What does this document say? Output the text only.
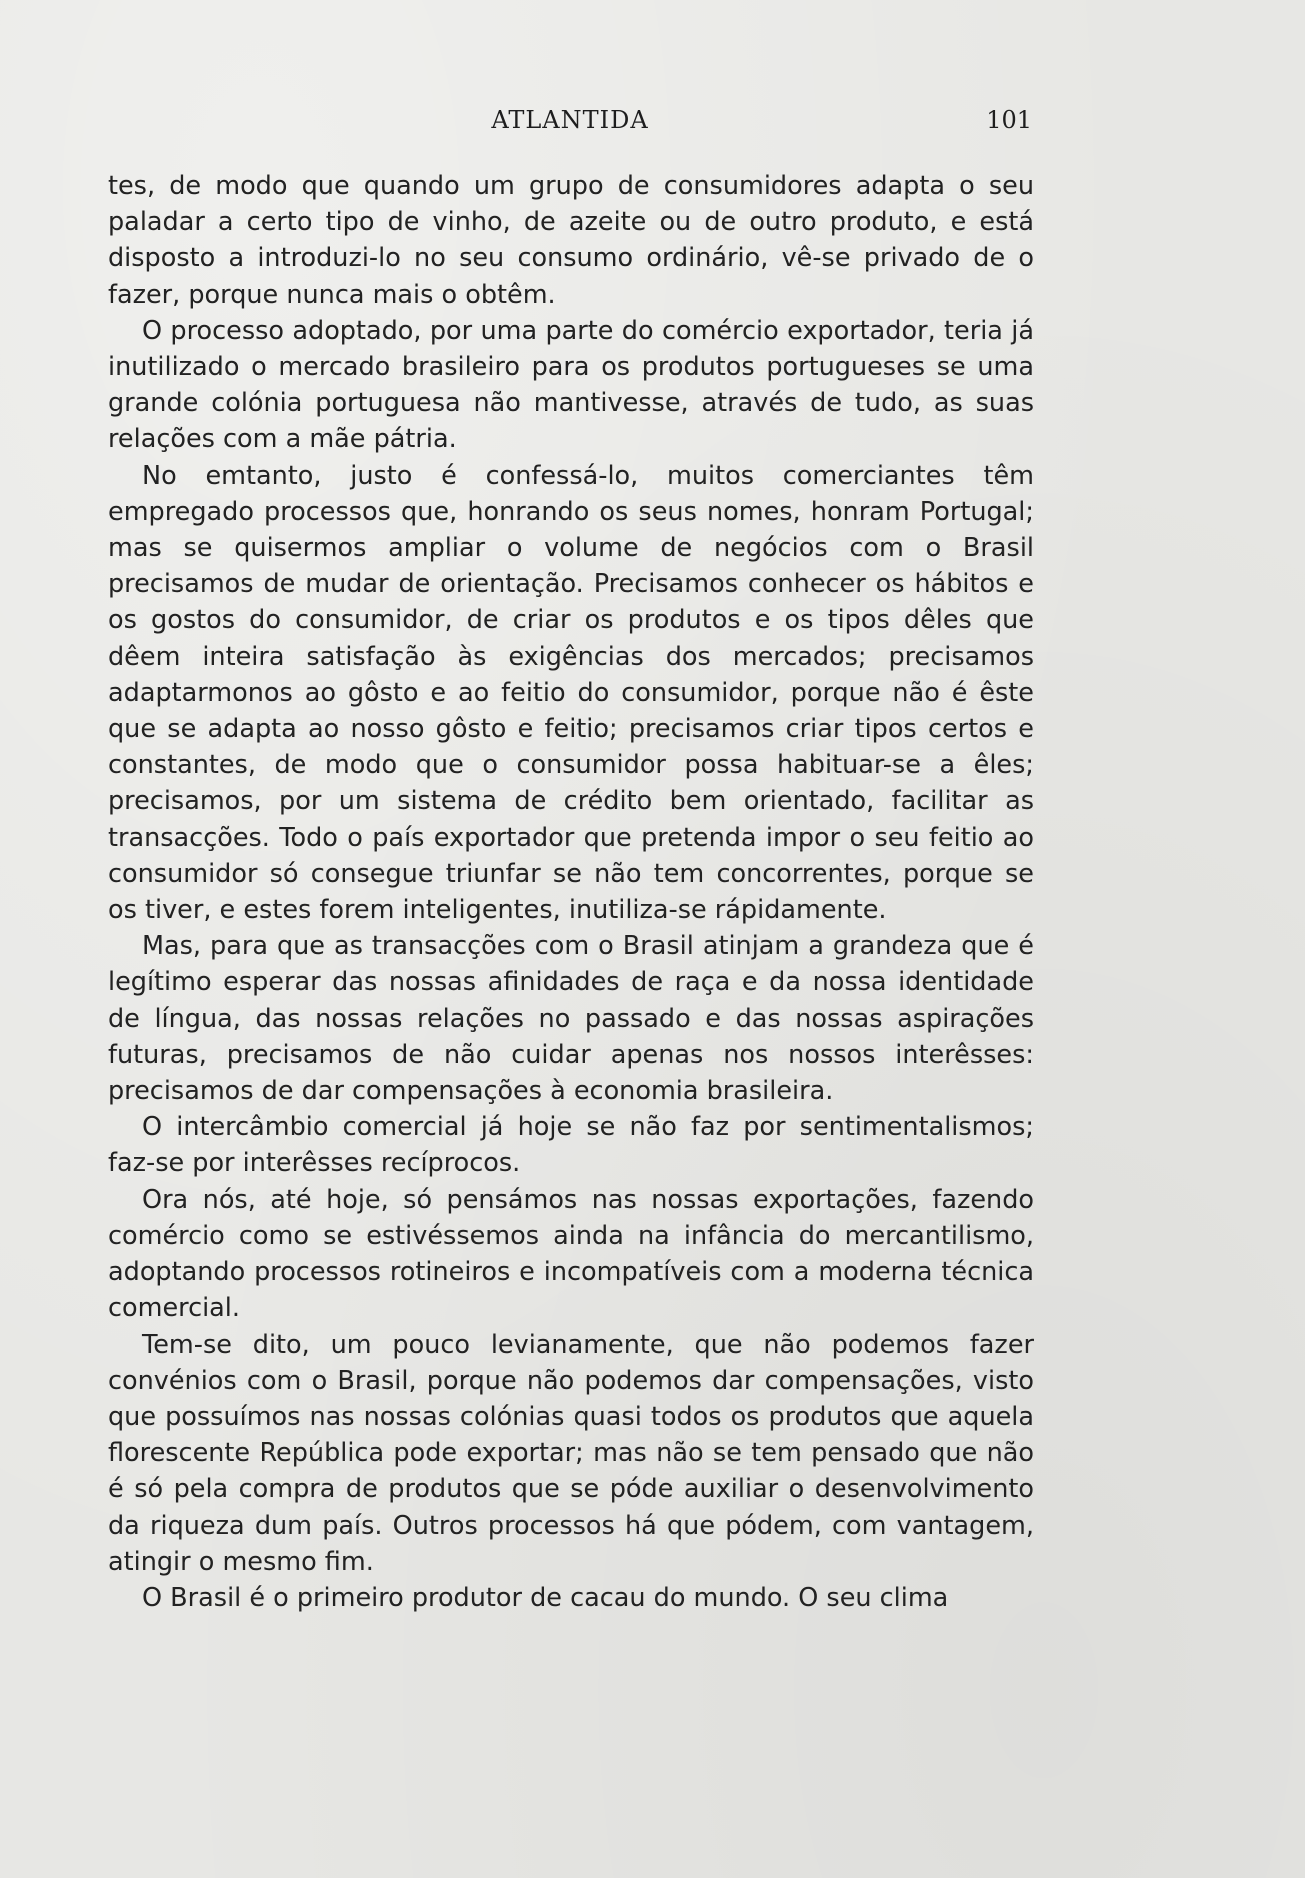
ATLANTIDA	101

tes, de modo que quando um grupo de consumidores adapta o seu paladar a certo tipo de vinho, de azeite ou de outro produto, e está disposto a introduzi-lo no seu consumo ordinário, vê-se privado de o fazer, porque nunca mais o obtêm.

O processo adoptado, por uma parte do comércio exportador, teria já inutilizado o mercado brasileiro para os produtos portugueses se uma grande colónia portuguesa não mantivesse, através de tudo, as suas relações com a mãe pátria.

No emtanto, justo é confessá-lo, muitos comerciantes têm empregado processos que, honrando os seus nomes, honram Portugal; mas se quisermos ampliar o volume de negócios com o Brasil precisamos de mudar de orientação. Precisamos conhecer os hábitos e os gostos do consumidor, de criar os produtos e os tipos dêles que dêem inteira satisfação às exigências dos mercados; precisamos adaptarmonos ao gôsto e ao feitio do consumidor, porque não é êste que se adapta ao nosso gôsto e feitio; precisamos criar tipos certos e constantes, de modo que o consumidor possa habituar-se a êles; precisamos, por um sistema de crédito bem orientado, facilitar as transacções. Todo o país exportador que pretenda impor o seu feitio ao consumidor só consegue triunfar se não tem concorrentes, porque se os tiver, e estes forem inteligentes, inutiliza-se rápidamente.

Mas, para que as transacções com o Brasil atinjam a grandeza que é legítimo esperar das nossas afinidades de raça e da nossa identidade de língua, das nossas relações no passado e das nossas aspirações futuras, precisamos de não cuidar apenas nos nossos interêsses: precisamos de dar compensações à economia brasileira.

O intercâmbio comercial já hoje se não faz por sentimentalismos; faz-se por interêsses recíprocos.

Ora nós, até hoje, só pensámos nas nossas exportações, fazendo comércio como se estivéssemos ainda na infância do mercantilismo, adoptando processos rotineiros e incompatíveis com a moderna técnica comercial.

Tem-se dito, um pouco levianamente, que não podemos fazer convénios com o Brasil, porque não podemos dar compensações, visto que possuímos nas nossas colónias quasi todos os produtos que aquela florescente República pode exportar; mas não se tem pensado que não é só pela compra de produtos que se póde auxiliar o desenvolvimento da riqueza dum país. Outros processos há que pódem, com vantagem, atingir o mesmo fim.

O Brasil é o primeiro produtor de cacau do mundo. O seu clima
